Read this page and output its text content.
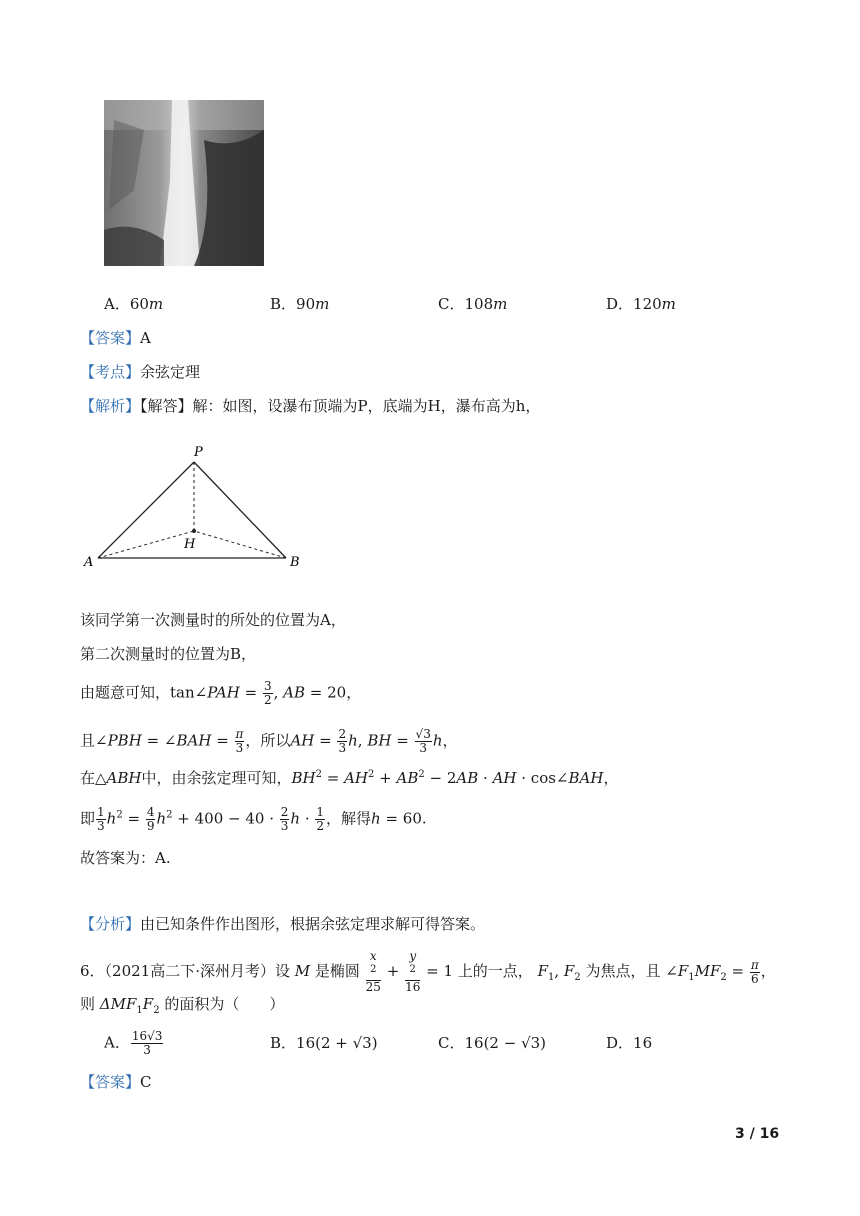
A．60𝑚	B．90𝑚	C．108𝑚	D．120𝑚
【答案】A
【考点】余弦定理
【解析】【解答】解：如图，设瀑布顶端为P，底端为H，瀑布高为h，
P
H
A	B
该同学第一次测量时的所处的位置为A，
第二次测量时的位置为B，
由题意可知，tan∠PAH = $\frac{3}{2}$ , AB = 20，
且∠PBH = ∠BAH = $\frac{\pi}{3}$ ，所以AH = $\frac{2}{3} h$, BH = $\frac{√3}{3}$ h，
在△ABH中，由余弦定理可知，$BH^2 = AH^2 + AB^2 - 2AB$ · AH · cos∠BAH，
即 $\frac{1}{3} h^2 = \frac{4}{9} h^2 + 400 - 40 \cdot \frac{2}{3}$ $h \cdot \frac{1}{2}$ ，解得h = 60.
故答案为：A.
【分析】由已知条件作出图形，根据余弦定理求解可得答案。
6．（2021高二下·深州月考）设 M 是椭圆 x
$^2$
25 + y
$^2$
16 = 1 上的一点， $F_1$, $F_2$ 为焦点，且 $\angle F_1MF_2 = \frac{\pi}{6}$ ，
则 $\Delta MF_1F_2$ 的面积为（　　）
A． $\frac{16√3}{3}$	B．16(2 + √3)	C．16(2 − √3)	D．16
【答案】C
3 / 16
